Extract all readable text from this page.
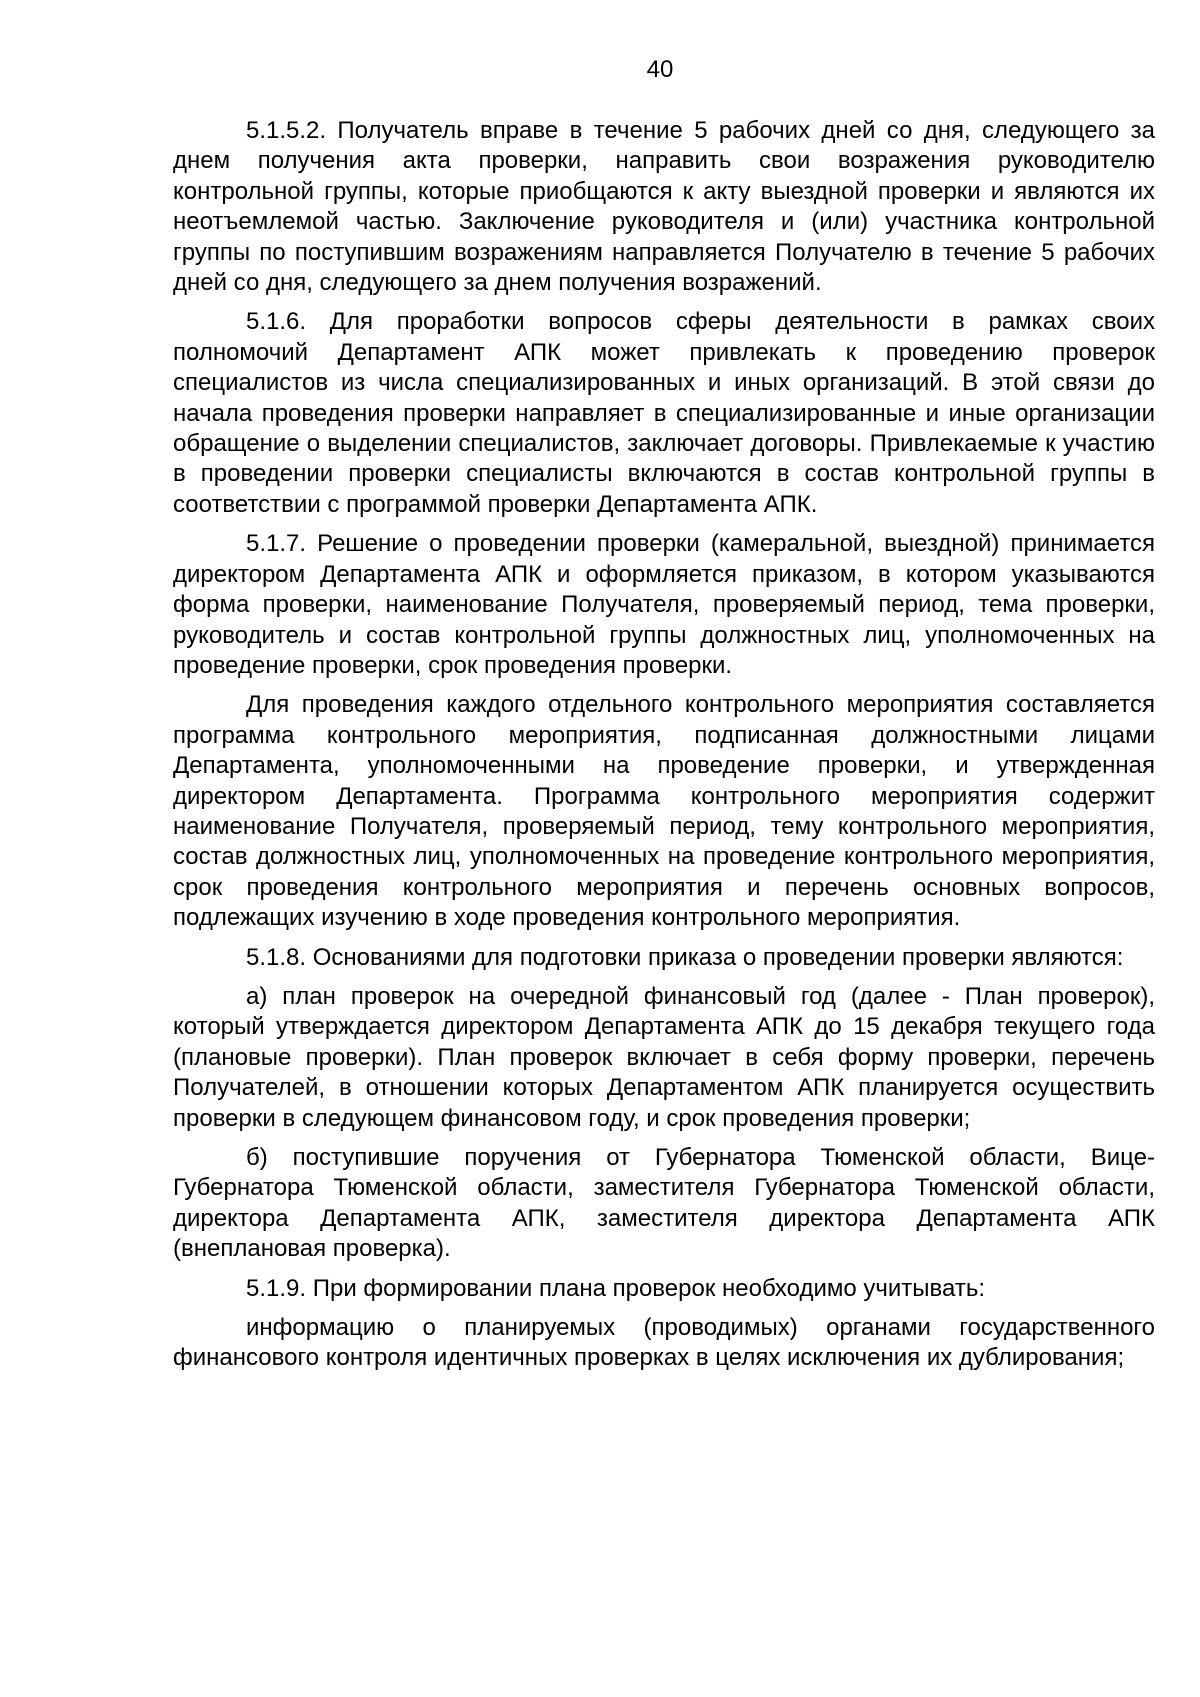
40

5.1.5.2. Получатель вправе в течение 5 рабочих дней со дня, следующего за днем получения акта проверки, направить свои возражения руководителю контрольной группы, которые приобщаются к акту выездной проверки и являются их неотъемлемой частью. Заключение руководителя и (или) участника контрольной группы по поступившим возражениям направляется Получателю в течение 5 рабочих дней со дня, следующего за днем получения возражений.

5.1.6. Для проработки вопросов сферы деятельности в рамках своих полномочий Департамент АПК может привлекать к проведению проверок специалистов из числа специализированных и иных организаций. В этой связи до начала проведения проверки направляет в специализированные и иные организации обращение о выделении специалистов, заключает договоры. Привлекаемые к участию в проведении проверки специалисты включаются в состав контрольной группы в соответствии с программой проверки Департамента АПК.

5.1.7. Решение о проведении проверки (камеральной, выездной) принимается директором Департамента АПК и оформляется приказом, в котором указываются форма проверки, наименование Получателя, проверяемый период, тема проверки, руководитель и состав контрольной группы должностных лиц, уполномоченных на проведение проверки, срок проведения проверки.

Для проведения каждого отдельного контрольного мероприятия составляется программа контрольного мероприятия, подписанная должностными лицами Департамента, уполномоченными на проведение проверки, и утвержденная директором Департамента. Программа контрольного мероприятия содержит наименование Получателя, проверяемый период, тему контрольного мероприятия, состав должностных лиц, уполномоченных на проведение контрольного мероприятия, срок проведения контрольного мероприятия и перечень основных вопросов, подлежащих изучению в ходе проведения контрольного мероприятия.

5.1.8. Основаниями для подготовки приказа о проведении проверки являются:

а) план проверок на очередной финансовый год (далее - План проверок), который утверждается директором Департамента АПК до 15 декабря текущего года (плановые проверки). План проверок включает в себя форму проверки, перечень Получателей, в отношении которых Департаментом АПК планируется осуществить проверки в следующем финансовом году, и срок проведения проверки;

б) поступившие поручения от Губернатора Тюменской области, Вице-Губернатора Тюменской области, заместителя Губернатора Тюменской области, директора Департамента АПК, заместителя директора Департамента АПК (внеплановая проверка).

5.1.9. При формировании плана проверок необходимо учитывать:

информацию о планируемых (проводимых) органами государственного финансового контроля идентичных проверках в целях исключения их дублирования;
